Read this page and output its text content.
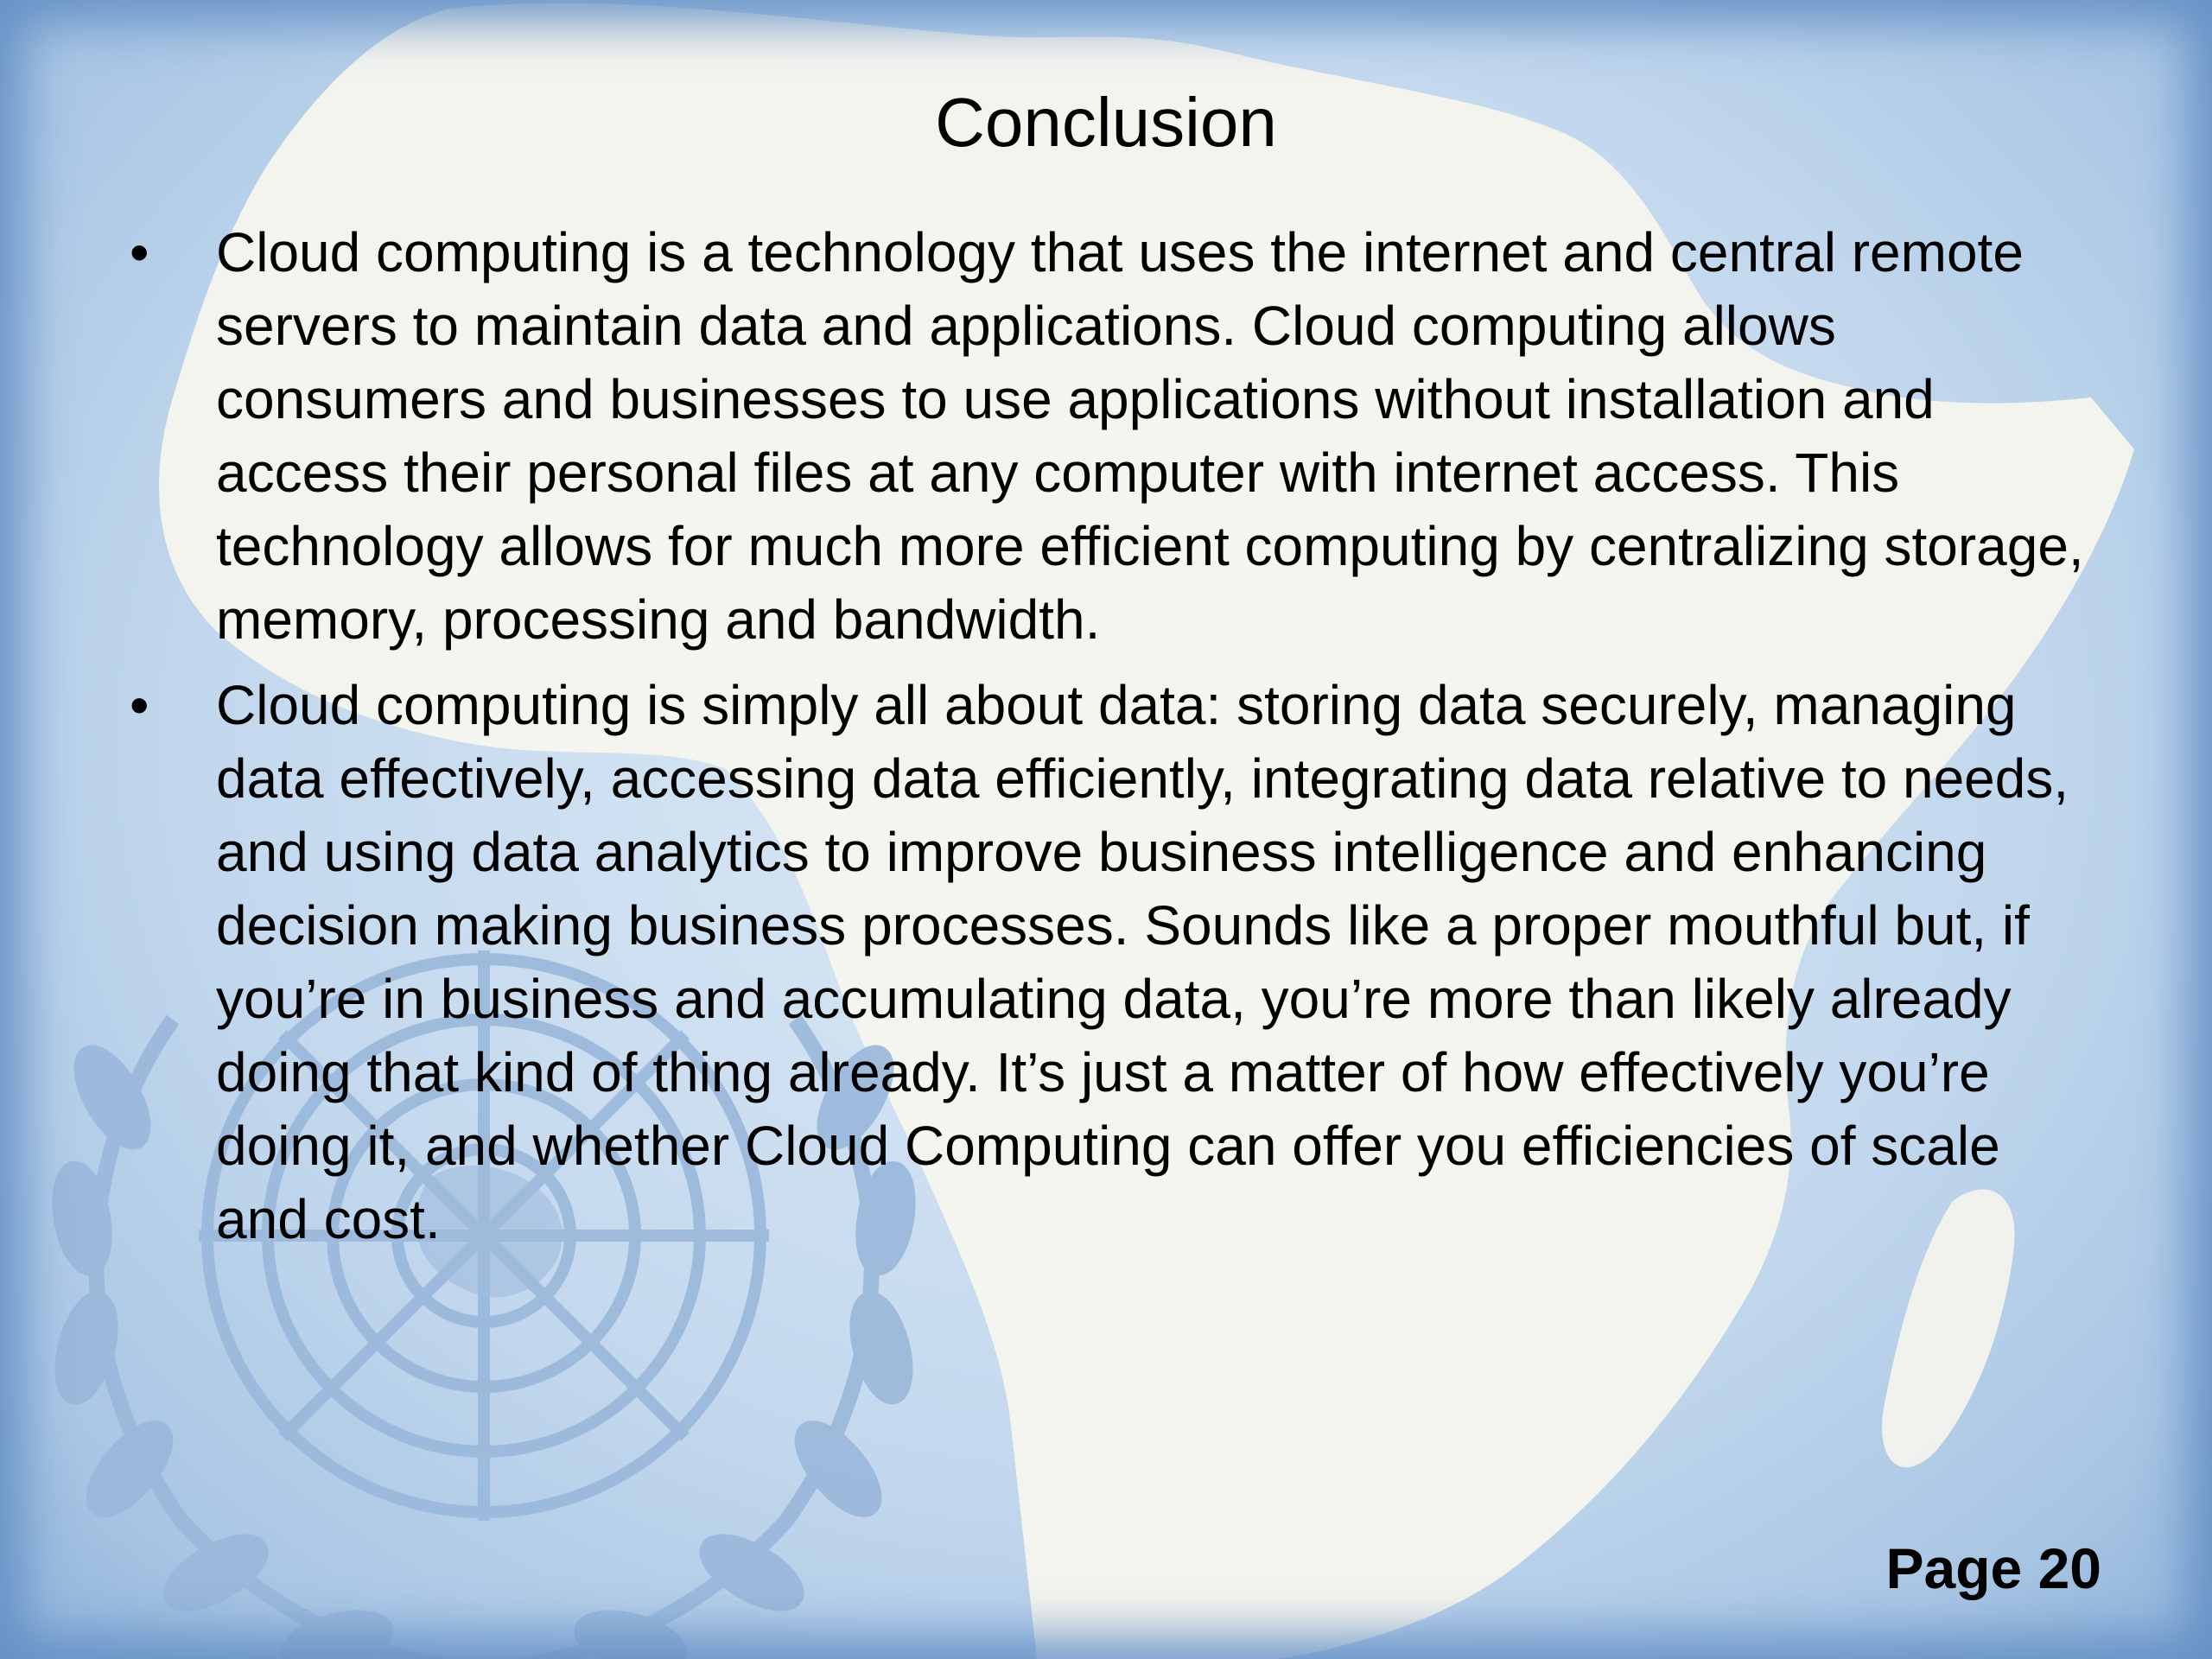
Conclusion
• Cloud computing is a technology that uses the internet and central remote servers to maintain data and applications. Cloud computing allows consumers and businesses to use applications without installation and access their personal files at any computer with internet access. This technology allows for much more efficient computing by centralizing storage, memory, processing and bandwidth.
• Cloud computing is simply all about data: storing data securely, managing data effectively, accessing data efficiently, integrating data relative to needs, and using data analytics to improve business intelligence and enhancing decision making business processes. Sounds like a proper mouthful but, if you’re in business and accumulating data, you’re more than likely already doing that kind of thing already. It’s just a matter of how effectively you’re doing it, and whether Cloud Computing can offer you efficiencies of scale and cost.
Page 20
